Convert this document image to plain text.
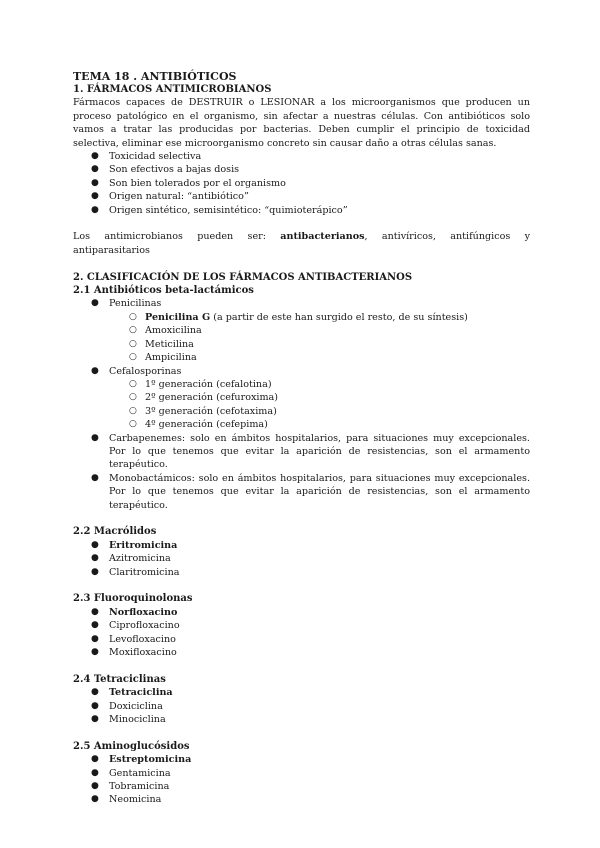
TEMA 18 . ANTIBIÓTICOS
1. FÁRMACOS ANTIMICROBIANOS

Fármacos capaces de DESTRUIR o LESIONAR a los microorganismos que producen un proceso patológico en el organismo, sin afectar a nuestras células. Con antibióticos solo vamos a tratar las producidas por bacterias. Deben cumplir el principio de toxicidad selectiva, eliminar ese microorganismo concreto sin causar daño a otras células sanas.

● Toxicidad selectiva
● Son efectivos a bajas dosis
● Son bien tolerados por el organismo
● Origen natural: “antibiótico”
● Origen sintético, semisintético: “quimioterápico”

Los antimicrobianos pueden ser: antibacterianos, antivíricos, antifúngicos y antiparasitarios

2. CLASIFICACIÓN DE LOS FÁRMACOS ANTIBACTERIANOS
2.1 Antibióticos beta-lactámicos
● Penicilinas
○ Penicilina G (a partir de este han surgido el resto, de su síntesis)
○ Amoxicilina
○ Meticilina
○ Ampicilina
● Cefalosporinas
○ 1º generación (cefalotina)
○ 2º generación (cefuroxima)
○ 3º generación (cefotaxima)
○ 4º generación (cefepima)
● Carbapenemes: solo en ámbitos hospitalarios, para situaciones muy excepcionales. Por lo que tenemos que evitar la aparición de resistencias, son el armamento terapéutico.
● Monobactámicos: solo en ámbitos hospitalarios, para situaciones muy excepcionales. Por lo que tenemos que evitar la aparición de resistencias, son el armamento terapéutico.
2.2 Macrólidos
● Eritromicina
● Azitromicina
● Claritromicina
2.3 Fluoroquinolonas
● Norfloxacino
● Ciprofloxacino
● Levofloxacino
● Moxifloxacino
2.4 Tetraciclinas
● Tetraciclina
● Doxiciclina
● Minociclina
2.5 Aminoglucósidos
● Estreptomicina
● Gentamicina
● Tobramicina
● Neomicina
